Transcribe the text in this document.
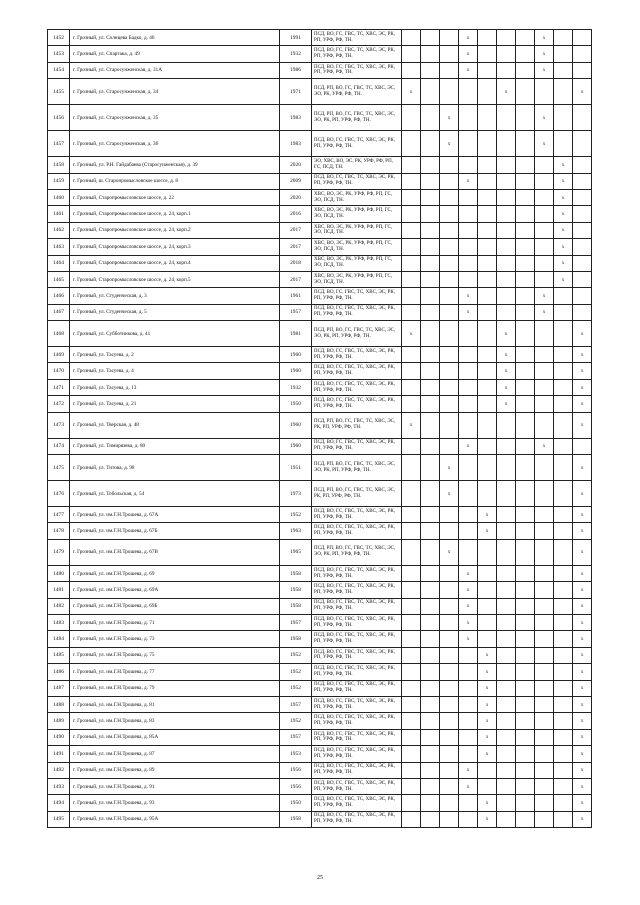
1452	г. Грозный, ул. Солнцева Бадко, д. 46	1991	ПСД, ВО, ГС, ГВС, ТС, ХВС, ЭС, РК, РП, УРФ, РФ, ТН.				x				x		
1453	г. Грозный, ул. Спартака, д. 49	1932	ПСД, ВО, ГС, ГВС, ТС, ХВС, ЭС, РК, РП, УРФ, РФ, ТН.				x				x		
1454	г. Грозный, ул. Старосунженская, д. 31А	1986	ПСД, ВО, ГС, ГВС, ТС, ХВС, ЭС, РК, РП, УРФ, РФ, ТН.				x				x		
1455	г. Грозный, ул. Старосунженская, д. 34	1971	ПСД, РП, ВО, ГС, ГВС, ТС, ХВС, ЭС, ЭО, РК, УРФ, РФ, ТН.	x					x				x
1456	г. Грозный, ул. Старосунженская, д. 35	1983	ПСД, РП, ВО, ГС, ГВС, ТС, ХВС, ЭС, ЭО, РК, РП, УРФ, РФ, ТН.			x					x		
1457	г. Грозный, ул. Старосунженская, д. 36	1983	ПСД, ВО, ГС, ГВС, ТС, ХВС, ЭС, РК, РП, УРФ, РФ, ТН.			x					x		
1458	г. Грозный, ул. Р.Н. Гайдабаева (Старосунженская), д. 39	2020	ЭО, ХВС, ВО, ЭС, РК, УРФ, РФ, РП, ГС, ПСД, ТН.									x	
1459	г. Грозный, ш. Старопромысловское шоссе, д. 8	2009	ПСД, ВО, ГС, ГВС, ТС, ХВС, ЭС, РК, РП, УРФ, РФ, ТН.				x					x	
1460	г. Грозный, Старопромысловское шоссе, д. 22	2020	ХВС, ВО, ЭС, РК, УРФ, РФ, РП, ГС, ЭО, ПСД, ТН.									x	
1461	г. Грозный, Старопромысловское шоссе, д. 24, корп.1	2016	ХВС, ВО, ЭС, РК, УРФ, РФ, РП, ГС, ЭО, ПСД, ТН.									x	
1462	г. Грозный, Старопромысловское шоссе, д. 24, корп.2	2017	ХВС, ВО, ЭС, РК, УРФ, РФ, РП, ГС, ЭО, ПСД, ТН.									x	
1463	г. Грозный, Старопромысловское шоссе, д. 24, корп.3	2017	ХВС, ВО, ЭС, РК, УРФ, РФ, РП, ГС, ЭО, ПСД, ТН.									x	
1464	г. Грозный, Старопромысловское шоссе, д. 24, корп.4	2018	ХВС, ВО, ЭС, РК, УРФ, РФ, РП, ГС, ЭО, ПСД, ТН.									x	
1465	г. Грозный, Старопромысловское шоссе, д. 24, корп.5	2017	ХВС, ВО, ЭС, РК, УРФ, РФ, РП, ГС, ЭО, ПСД, ТН.									x	
1466	г. Грозный, ул. Студенческая, д. 3	1961	ПСД, ВО, ГС, ГВС, ТС, ХВС, ЭС, РК, РП, УРФ, РФ, ТН.				x				x		
1467	г. Грозный, ул. Студенческая, д. 5	1957	ПСД, ВО, ГС, ГВС, ТС, ХВС, ЭС, РК, РП, УРФ, РФ, ТН.				x				x		
1468	г. Грозный, ул. Субботникова, д. 41	1981	ПСД, РП, ВО, ГС, ГВС, ТС, ХВС, ЭС, ЭО, РК, РП, УРФ, РФ, ТН.	x					x				x
1469	г. Грозный, ул. Тасуева, д. 2	1960	ПСД, ВО, ГС, ГВС, ТС, ХВС, ЭС, РК, РП, УРФ, РФ, ТН.						x				x
1470	г. Грозный, ул. Тасуева, д. 4	1960	ПСД, ВО, ГС, ГВС, ТС, ХВС, ЭС, РК, РП, УРФ, РФ, ТН.						x				x
1471	г. Грозный, ул. Тасуева, д. 13	1932	ПСД, ВО, ГС, ГВС, ТС, ХВС, ЭС, РК, РП, УРФ, РФ, ТН.						x				x
1472	г. Грозный, ул. Тасуева, д. 21	1950	ПСД, ВО, ГС, ГВС, ТС, ХВС, ЭС, РК, РП, УРФ, РФ, ТН.						x				x
1473	г. Грозный, ул. Тверская, д. 48	1960	ПСД, РП, ВО, ГС, ГВС, ТС, ХВС, ЭС, РК, РП, УРФ, РФ, ТН.	x									x
1474	г. Грозный, ул. Тимирязева, д. 80	1960	ПСД, ВО, ГС, ГВС, ТС, ХВС, ЭС, РК, РП, УРФ, РФ, ТН.				x				x		
1475	г. Грозный, ул. Титова, д. 98	1951	ПСД, РП, ВО, ГС, ГВС, ТС, ХВС, ЭС, ЭО, РК, РП, УРФ, РФ, ТН.			x							x
1476	г. Грозный, ул. Тобольская, д. 54	1973	ПСД, РП, ВО, ГС, ГВС, ТС, ХВС, ЭС, РК, РП, УРФ, РФ, ТН.			x							x
1477	г. Грозный, ул. им.Г.Н.Трошева, д. 67А	1952	ПСД, ВО, ГС, ГВС, ТС, ХВС, ЭС, РК, РП, УРФ, РФ, ТН.					x					x
1478	г. Грозный, ул. им.Г.Н.Трошева, д. 67Б	1963	ПСД, ВО, ГС, ГВС, ТС, ХВС, ЭС, РК, РП, УРФ, РФ, ТН.					x					x
1479	г. Грозный, ул. им.Г.Н.Трошева, д. 67В	1965	ПСД, РП, ВО, ГС, ГВС, ТС, ХВС, ЭС, ЭО, РК, РП, УРФ, РФ, ТН.			x							x
1480	г. Грозный, ул. им.Г.Н.Трошева, д. 69	1958	ПСД, ВО, ГС, ГВС, ТС, ХВС, ЭС, РК, РП, УРФ, РФ, ТН.				x						x
1481	г. Грозный, ул. им.Г.Н.Трошева, д. 69А	1958	ПСД, ВО, ГС, ГВС, ТС, ХВС, ЭС, РК, РП, УРФ, РФ, ТН.				x						x
1482	г. Грозный, ул. им.Г.Н.Трошева, д. 69Б	1958	ПСД, ВО, ГС, ГВС, ТС, ХВС, ЭС, РК, РП, УРФ, РФ, ТН.				x						x
1483	г. Грозный, ул. им.Г.Н.Трошева, д. 71	1957	ПСД, ВО, ГС, ГВС, ТС, ХВС, ЭС, РК, РП, УРФ, РФ, ТН.				x						x
1484	г. Грозный, ул. им.Г.Н.Трошева, д. 73	1958	ПСД, ВО, ГС, ГВС, ТС, ХВС, ЭС, РК, РП, УРФ, РФ, ТН.				x						x
1485	г. Грозный, ул. им.Г.Н.Трошева, д. 75	1952	ПСД, ВО, ГС, ГВС, ТС, ХВС, ЭС, РК, РП, УРФ, РФ, ТН.					x					x
1486	г. Грозный, ул. им.Г.Н.Трошева, д. 77	1952	ПСД, ВО, ГС, ГВС, ТС, ХВС, ЭС, РК, РП, УРФ, РФ, ТН.					x					x
1487	г. Грозный, ул. им.Г.Н.Трошева, д. 79	1952	ПСД, ВО, ГС, ГВС, ТС, ХВС, ЭС, РК, РП, УРФ, РФ, ТН.					x					x
1488	г. Грозный, ул. им.Г.Н.Трошева, д. 81	1957	ПСД, ВО, ГС, ГВС, ТС, ХВС, ЭС, РК, РП, УРФ, РФ, ТН.					x					x
1489	г. Грозный, ул. им.Г.Н.Трошева, д. 83	1952	ПСД, ВО, ГС, ГВС, ТС, ХВС, ЭС, РК, РП, УРФ, РФ, ТН.					x					x
1490	г. Грозный, ул. им.Г.Н.Трошева, д. 85А	1957	ПСД, ВО, ГС, ГВС, ТС, ХВС, ЭС, РК, РП, УРФ, РФ, ТН.					x					x
1491	г. Грозный, ул. им.Г.Н.Трошева, д. 87	1953	ПСД, ВО, ГС, ГВС, ТС, ХВС, ЭС, РК, РП, УРФ, РФ, ТН.					x					x
1492	г. Грозный, ул. им.Г.Н.Трошева, д. 89	1956	ПСД, ВО, ГС, ГВС, ТС, ХВС, ЭС, РК, РП, УРФ, РФ, ТН.				x						x
1493	г. Грозный, ул. им.Г.Н.Трошева, д. 91	1956	ПСД, ВО, ГС, ГВС, ТС, ХВС, ЭС, РК, РП, УРФ, РФ, ТН.				x						x
1494	г. Грозный, ул. им.Г.Н.Трошева, д. 93	1950	ПСД, ВО, ГС, ГВС, ТС, ХВС, ЭС, РК, РП, УРФ, РФ, ТН.					x					x
1495	г. Грозный, ул. им.Г.Н.Трошева, д. 95А	1958	ПСД, ВО, ГС, ГВС, ТС, ХВС, ЭС, РК, РП, УРФ, РФ, ТН.					x					x
25
